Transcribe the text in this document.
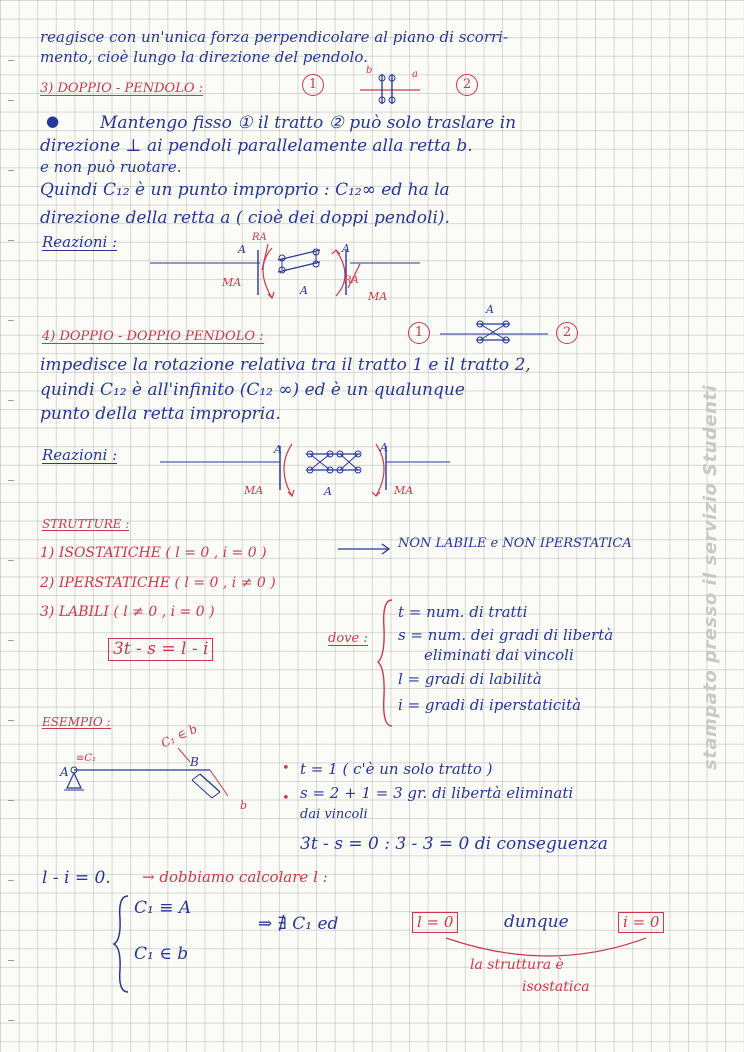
reagisce con un'unica forza perpendicolare al piano di scorri-
mento, cioè lungo la direzione del pendolo.
3) DOPPIO - PENDOLO :	1	2
b	a
● Mantengo fisso ① il tratto ② può solo traslare in
direzione ⊥ ai pendoli parallelamente alla retta b.
e non può ruotare.
Quindi C₁₂ è un punto improprio : C₁₂∞ ed ha la
direzione della retta a ( cioè dei doppi pendoli).
Reazioni :	A
RA
MA
A
A
RA
MA
4) DOPPIO - DOPPIO PENDOLO :	1	2
A
impedisce la rotazione relativa tra il tratto 1 e il tratto 2,
quindi C₁₂ è all'infinito (C₁₂ ∞) ed è un qualunque
punto della retta impropria.
Reazioni :	A
MA	A
A
MA
STRUTTURE :
1) ISOSTATICHE ( l = 0 , i = 0 )
NON LABILE e NON IPERSTATICA
2) IPERSTATICHE ( l = 0 , i ≠ 0 )
3) LABILI ( l ≠ 0 , i = 0 )
3t - s = l - i
dove :
t = num. di tratti
s = num. dei gradi di libertà
eliminati dai vincoli
l = gradi di labilità
i = gradi di iperstaticità
ESEMPIO :	C₁ ∈ b
A
≡C₁	B
b
• t = 1 ( c'è un solo tratto )
• s = 2 + 1 = 3 gr. di libertà eliminati
dai vincoli
3t - s = 0 : 3 - 3 = 0 di conseguenza
l - i = 0. → dobbiamo calcolare l :
C₁ ≡ A
C₁ ∈ b
⇒ ∄ C₁ ed	l = 0	dunque	i = 0
la struttura è
isostatica
stampato presso il servizio Studenti
